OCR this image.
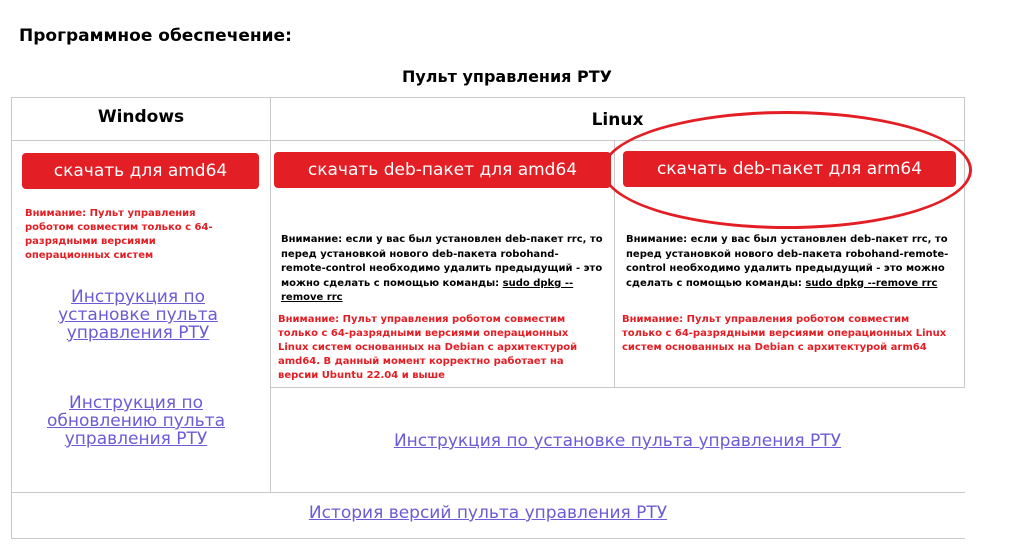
Программное обеспечение:
Пульт управления РТУ
Windows	Linux
скачать для amd64
Внимание: Пульт управления роботом совместим только с 64-разрядными версиями операционных систем
Инструкция по установке пульта управления РТУ
Инструкция по обновлению пульта управления РТУ
скачать deb-пакет для amd64
Внимание: если у вас был установлен deb-пакет rrc, то перед установкой нового deb-пакета robohand-remote-control необходимо удалить предыдущий - это можно сделать с помощью команды: sudo dpkg --remove rrc
Внимание: Пульт управления роботом совместим только с 64-разрядными версиями операционных Linux систем основанных на Debian с архитектурой amd64. В данный момент корректно работает на версии Ubuntu 22.04 и выше
скачать deb-пакет для arm64
Внимание: если у вас был установлен deb-пакет rrc, то перед установкой нового deb-пакета robohand-remote-control необходимо удалить предыдущий - это можно сделать с помощью команды: sudo dpkg --remove rrc
Внимание: Пульт управления роботом совместим только с 64-разрядными версиями операционных Linux систем основанных на Debian с архитектурой arm64
Инструкция по установке пульта управления РТУ
История версий пульта управления РТУ
